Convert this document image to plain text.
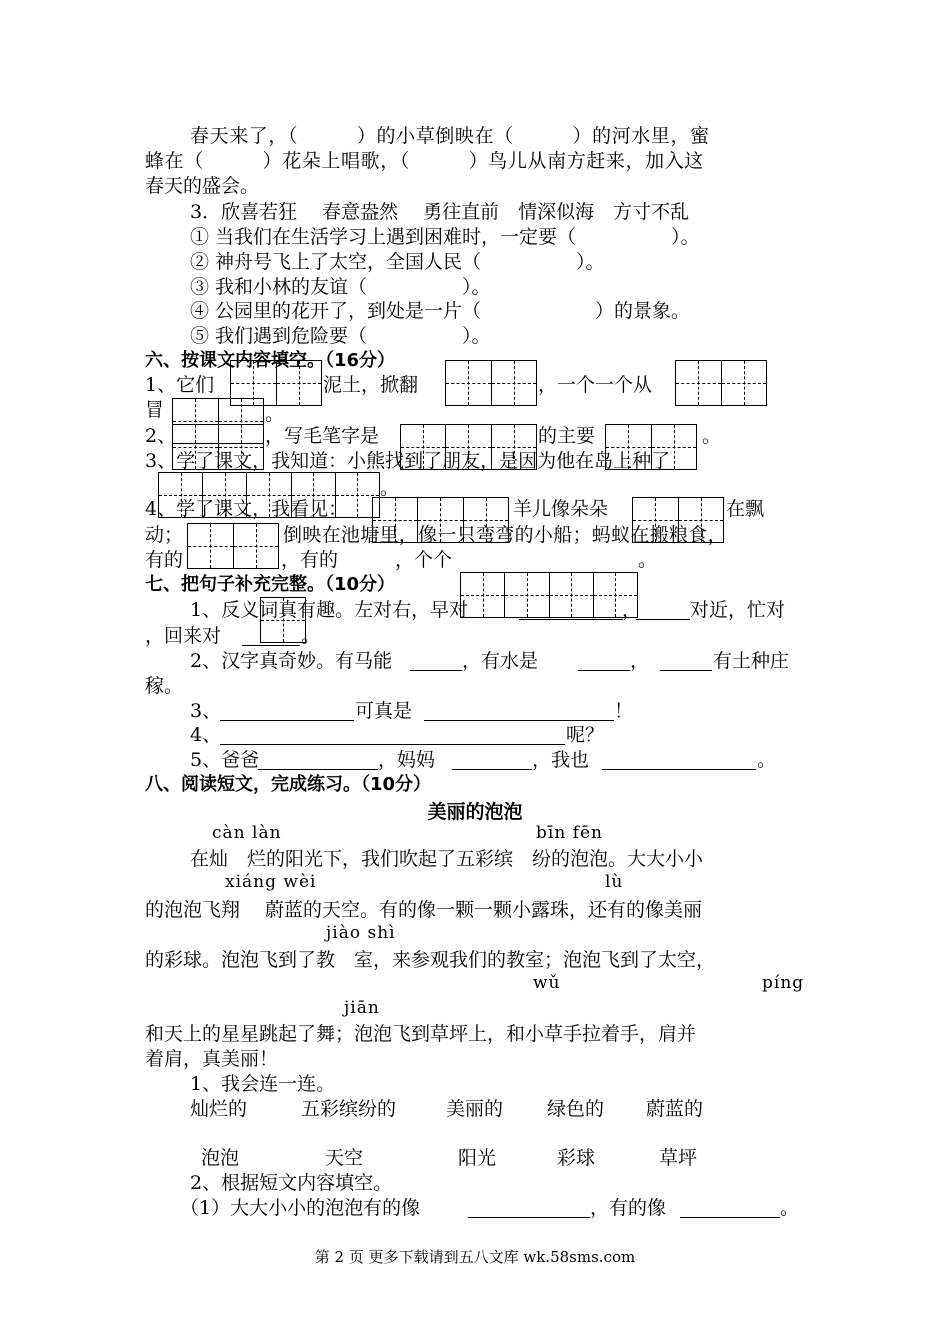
春天来了，（　　　）的小草倒映在（　　　）的河水里，蜜
蜂在（　　　）花朵上唱歌，（　　　）鸟儿从南方赶来，加入这
春天的盛会。
3．欣喜若狂　 春意盎然　 勇往直前　情深似海　方寸不乱
① 当我们在生活学习上遇到困难时，一定要（　　　　　）。
② 神舟号飞上了太空，全国人民（　　　　　）。
③ 我和小林的友谊（　　　　　）。
④ 公园里的花开了，到处是一片（　　　　　　）的景象。
⑤ 我们遇到危险要（　　　　　）。
六、按课文内容填空。（16分）
1、它们	泥土，掀翻	，一个一个从
冒	。
2、	，写毛笔字是	的主要	。
3、学了课文，我知道：小熊找到了朋友，是因为他在岛上种了
。
4、学了课文，我看见：	羊儿像朵朵	在飘
动；	倒映在池塘里，像一只弯弯的小船；蚂蚁在搬粮食，
有的	，有的	，个个	。
七、把句子补充完整。（10分）
1、反义词真有趣。左对右，早对	，	对近，忙对
，回来对	。
2、汉字真奇妙。有马能	，有水是	，	有土种庄
稼。
3、	可真是	！
4、	呢？
5、爸爸	，妈妈	，我也	。
八、阅读短文，完成练习。（10分）
美丽的泡泡
càn làn	bīn fēn
在灿　烂的阳光下，我们吹起了五彩缤　纷的泡泡。大大小小
xiáng wèi	lù
的泡泡飞翔　 蔚蓝的天空。有的像一颗一颗小露珠，还有的像美丽
jiào shì
的彩球。泡泡飞到了教　室，来参观我们的教室；泡泡飞到了太空，
wǔ	píng
jiān
和天上的星星跳起了舞；泡泡飞到草坪上，和小草手拉着手，肩并
着肩，真美丽！
1、我会连一连。
灿烂的	五彩缤纷的	美丽的 绿色的 蔚蓝的
泡泡	天空	阳光	彩球	草坪
2、根据短文内容填空。
（1）大大小小的泡泡有的像	，有的像	。
第 2 页 更多下载请到五八文库 wk.58sms.com
